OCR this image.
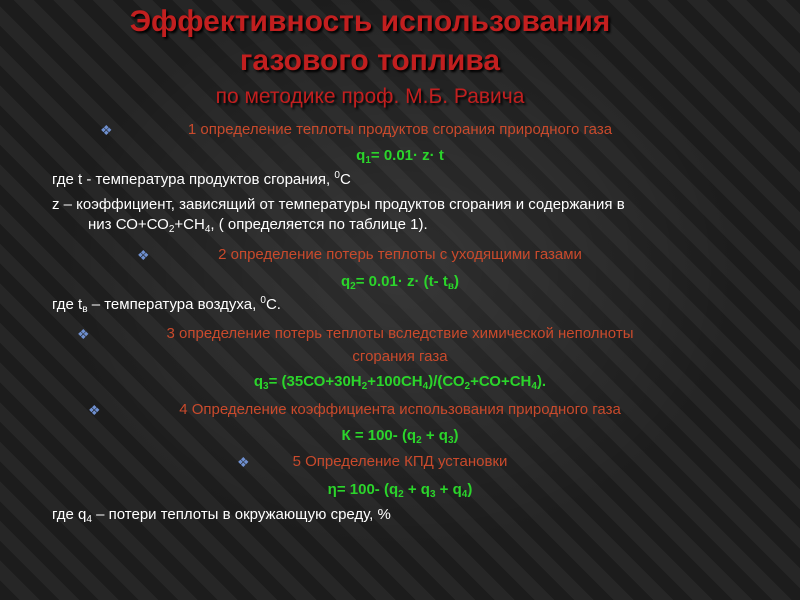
Эффективность использования
газового топлива
по методике проф. М.Б. Равича
❖	1 определение теплоты продуктов сгорания природного газа
$q_1= 0.01\cdot z\cdot t$
где t - температура продуктов сгорания, $^0$С
z – коэффициент, зависящий от температуры продуктов сгорания и содержания в
низ $СО+СО_2+СН_4$, ( определяется по таблице 1).
❖	2 определение потерь теплоты с уходящими газами
$q_2= 0.01\cdot z\cdot (t-$ $t_в$)
где $t_в$ – температура воздуха, $^0$С.
❖	3 определение потерь теплоты вследствие химической неполноты
сгорания газа
$q_3= (35СО+30Н_2+100СН_4)/(СО_2+СО+СН_4)$.
❖	4 Определение коэффициента использования природного газа
К = 100- $(q_2 + q_3)$
❖	5 Определение КПД установки
η= 100- $(q_2 + q_3 + q_4)$
где $q_4$ – потери теплоты в окружающую среду, %
